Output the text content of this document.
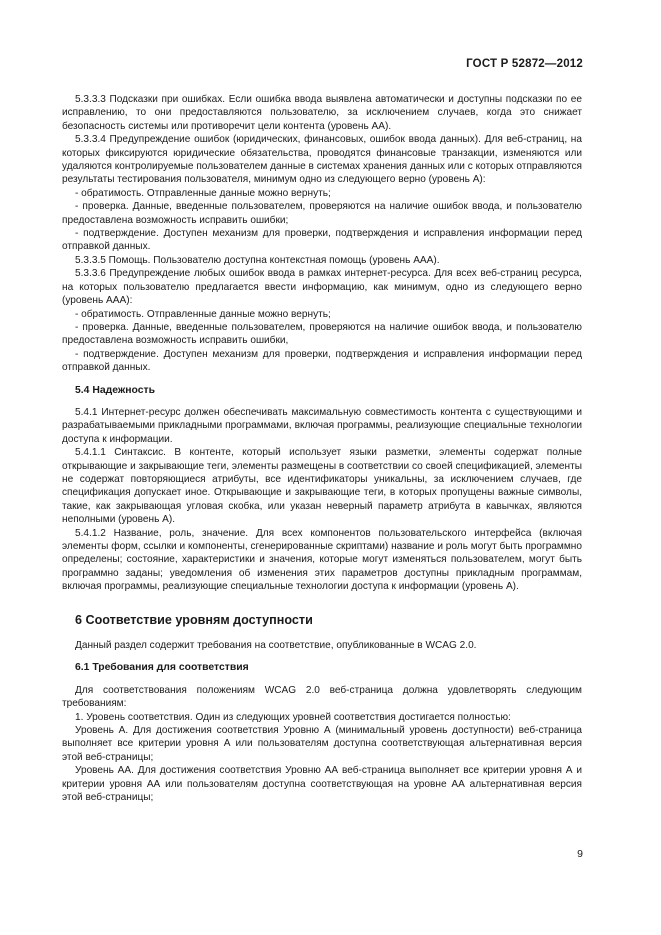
ГОСТ Р 52872—2012

5.3.3.3 Подсказки при ошибках. Если ошибка ввода выявлена автоматически и доступны подсказки по ее исправлению, то они предоставляются пользователю, за исключением случаев, когда это снижает безопасность системы или противоречит цели контента (уровень АА).

5.3.3.4 Предупреждение ошибок (юридических, финансовых, ошибок ввода данных). Для веб-страниц, на которых фиксируются юридические обязательства, проводятся финансовые транзакции, изменяются или удаляются контролируемые пользователем данные в системах хранения данных или с которых отправляются результаты тестирования пользователя, минимум одно из следующего верно (уровень А):

- обратимость. Отправленные данные можно вернуть;

- проверка. Данные, введенные пользователем, проверяются на наличие ошибок ввода, и пользователю предоставлена возможность исправить ошибки;

- подтверждение. Доступен механизм для проверки, подтверждения и исправления информации перед отправкой данных.

5.3.3.5 Помощь. Пользователю доступна контекстная помощь (уровень ААА).

5.3.3.6 Предупреждение любых ошибок ввода в рамках интернет-ресурса. Для всех веб-страниц ресурса, на которых пользователю предлагается ввести информацию, как минимум, одно из следующего верно (уровень ААА):

- обратимость. Отправленные данные можно вернуть;

- проверка. Данные, введенные пользователем, проверяются на наличие ошибок ввода, и пользователю предоставлена возможность исправить ошибки,

- подтверждение. Доступен механизм для проверки, подтверждения и исправления информации перед отправкой данных.

5.4 Надежность

5.4.1 Интернет-ресурс должен обеспечивать максимальную совместимость контента с существующими и разрабатываемыми прикладными программами, включая программы, реализующие специальные технологии доступа к информации.

5.4.1.1 Синтаксис. В контенте, который использует языки разметки, элементы содержат полные открывающие и закрывающие теги, элементы размещены в соответствии со своей спецификацией, элементы не содержат повторяющиеся атрибуты, все идентификаторы уникальны, за исключением случаев, где спецификация допускает иное. Открывающие и закрывающие теги, в которых пропущены важные символы, такие, как закрывающая угловая скобка, или указан неверный параметр атрибута в кавычках, являются неполными (уровень А).

5.4.1.2 Название, роль, значение. Для всех компонентов пользовательского интерфейса (включая элементы форм, ссылки и компоненты, сгенерированные скриптами) название и роль могут быть программно определены; состояние, характеристики и значения, которые могут изменяться пользователем, могут быть программно заданы; уведомления об изменения этих параметров доступны прикладным программам, включая программы, реализующие специальные технологии доступа к информации (уровень А).

6 Соответствие уровням доступности

Данный раздел содержит требования на соответствие, опубликованные в WCAG 2.0.

6.1 Требования для соответствия

Для соответствования положениям WCAG 2.0 веб-страница должна удовлетворять следующим требованиям:

1. Уровень соответствия. Один из следующих уровней соответствия достигается полностью:

Уровень А. Для достижения соответствия Уровню А (минимальный уровень доступности) веб-страница выполняет все критерии уровня А или пользователям доступна соответствующая альтернативная версия этой веб-страницы;

Уровень АА. Для достижения соответствия Уровню АА веб-страница выполняет все критерии уровня А и критерии уровня АА или пользователям доступна соответствующая на уровне АА альтернативная версия этой веб-страницы;

9
